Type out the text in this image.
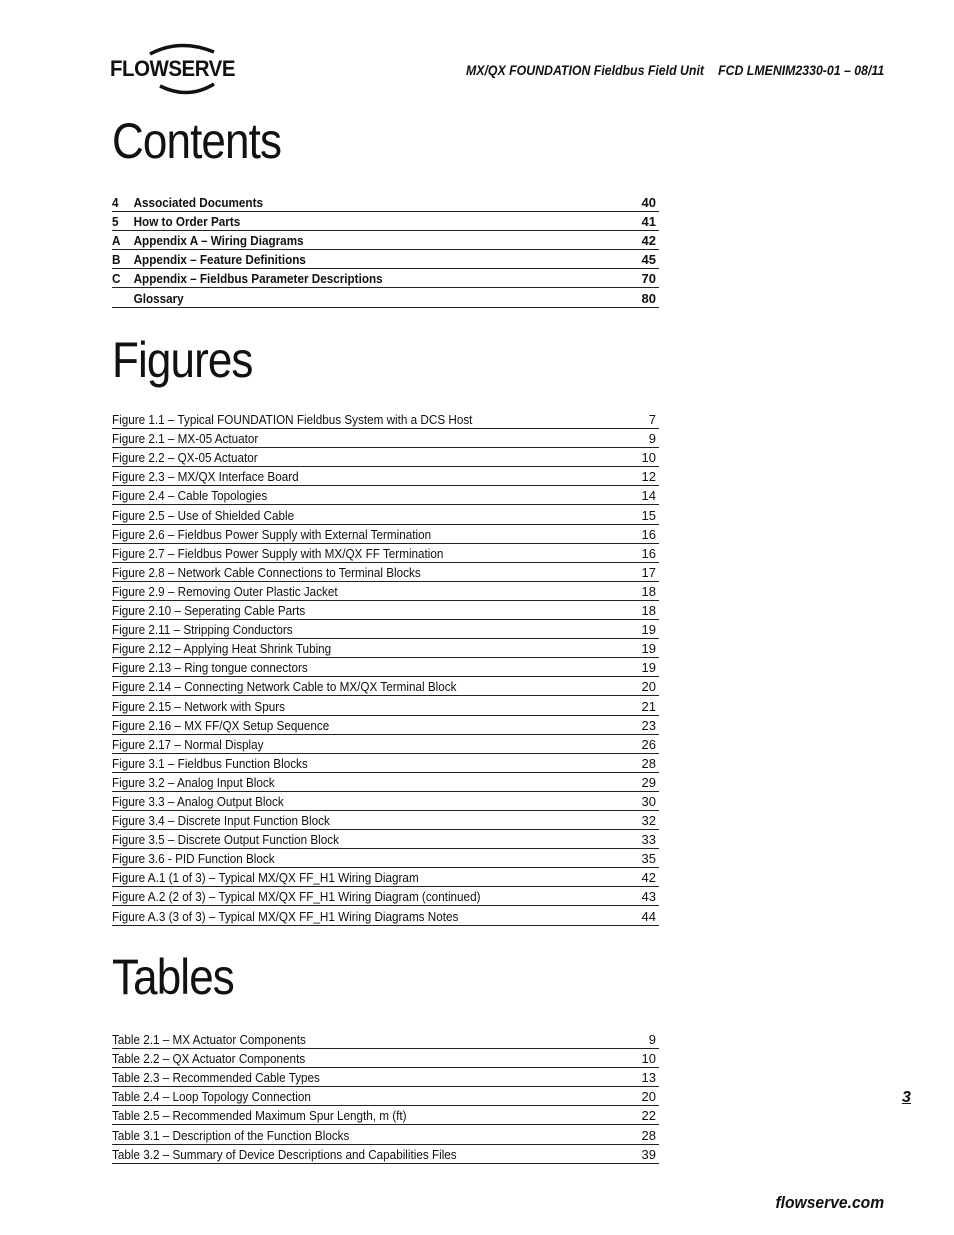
FLOWSERVE	MX/QX FOUNDATION Fieldbus Field Unit FCD LMENIM2330-01 – 08/11
Contents
4 Associated Documents	40
5 How to Order Parts	41
A Appendix A – Wiring Diagrams	42
B Appendix – Feature Definitions	45
C Appendix – Fieldbus Parameter Descriptions	70
Glossary	80
Figures
Figure 1.1 – Typical FOUNDATION Fieldbus System with a DCS Host	7
Figure 2.1 – MX-05 Actuator	9
Figure 2.2 – QX-05 Actuator	10
Figure 2.3 – MX/QX Interface Board	12
Figure 2.4 – Cable Topologies	14
Figure 2.5 – Use of Shielded Cable	15
Figure 2.6 – Fieldbus Power Supply with External Termination	16
Figure 2.7 – Fieldbus Power Supply with MX/QX FF Termination	16
Figure 2.8 – Network Cable Connections to Terminal Blocks	17
Figure 2.9 – Removing Outer Plastic Jacket	18
Figure 2.10 – Seperating Cable Parts	18
Figure 2.11 – Stripping Conductors	19
Figure 2.12 – Applying Heat Shrink Tubing	19
Figure 2.13 – Ring tongue connectors	19
Figure 2.14 – Connecting Network Cable to MX/QX Terminal Block	20
Figure 2.15 – Network with Spurs	21
Figure 2.16 – MX FF/QX Setup Sequence	23
Figure 2.17 – Normal Display	26
Figure 3.1 – Fieldbus Function Blocks	28
Figure 3.2 – Analog Input Block	29
Figure 3.3 – Analog Output Block	30
Figure 3.4 – Discrete Input Function Block	32
Figure 3.5 – Discrete Output Function Block	33
Figure 3.6 - PID Function Block	35
Figure A.1 (1 of 3) – Typical MX/QX FF_H1 Wiring Diagram	42
Figure A.2 (2 of 3) – Typical MX/QX FF_H1 Wiring Diagram (continued)	43
Figure A.3 (3 of 3) – Typical MX/QX FF_H1 Wiring Diagrams Notes	44
Tables
Table 2.1 – MX Actuator Components	9
Table 2.2 – QX Actuator Components	10
Table 2.3 – Recommended Cable Types	13
Table 2.4 – Loop Topology Connection	20
Table 2.5 – Recommended Maximum Spur Length, m (ft)	22
Table 3.1 – Description of the Function Blocks	28
Table 3.2 – Summary of Device Descriptions and Capabilities Files	39
3
flowserve.com
